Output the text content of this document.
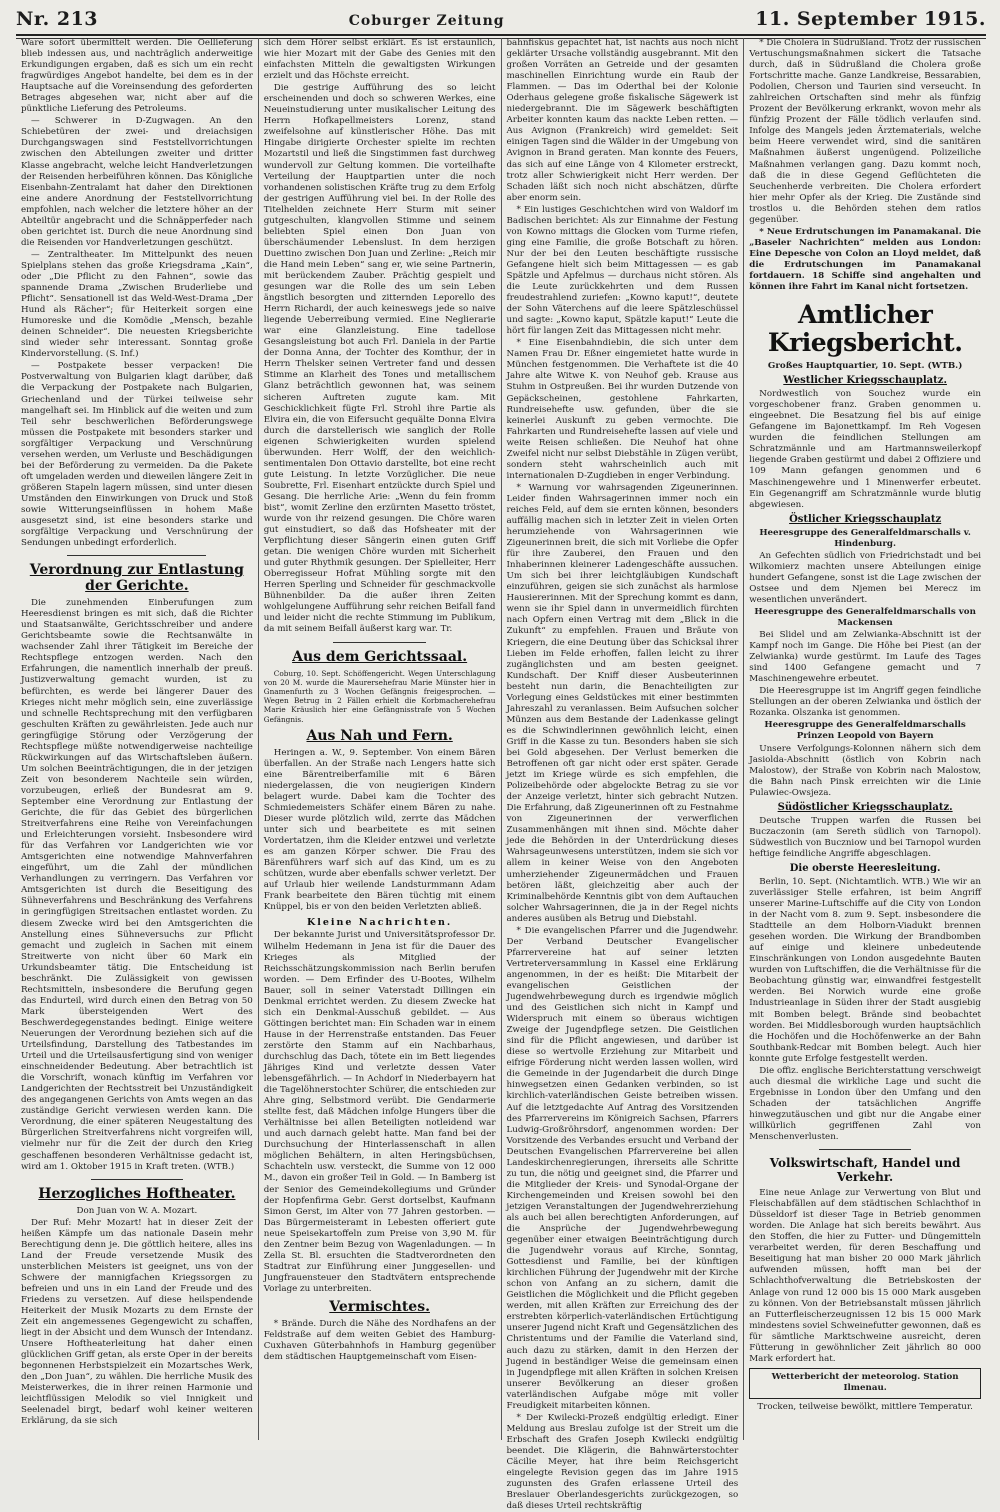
Nr. 213	Coburger Zeitung	11. September 1915.

Ware sofort übermittelt werden. Die Oellieferung blieb indessen aus, und nachträglich anderweitige Erkundigungen ergaben, daß es sich um ein recht fragwürdiges Angebot handelte, bei dem es in der Hauptsache auf die Voreinsendung des geforderten Betrages abgesehen war, nicht aber auf die pünktliche Lieferung des Petroleums.

— Schwerer in D-Zugwagen. An den Schiebetüren der zwei- und dreiachsigen Durchgangswagen sind Feststellvorrichtungen zwischen den Abteilungen zweiter und dritter Klasse angebracht, welche leicht Handverletzungen der Reisenden herbeiführen können. Das Königliche Eisenbahn-Zentralamt hat daher den Direktionen eine andere Anordnung der Feststellvorrichtung empfohlen, nach welcher die letztere höher an der Abteiltür angebracht und die Schnäpperfeder nach oben gerichtet ist. Durch die neue Anordnung sind die Reisenden vor Handverletzungen geschützt.

— Zentraltheater. Im Mittelpunkt des neuen Spielplans stehen das große Kriegsdrama „Kain“, oder „Die Pflicht zu den Fahnen“, sowie das spannende Drama „Zwischen Bruderliebe und Pflicht“. Sensationell ist das Weld-West-Drama „Der Hund als Rächer“; für Heiterkeit sorgen eine Humoreske und die Komödie „Mensch, bezahle deinen Schneider“. Die neuesten Kriegsberichte sind wieder sehr interessant. Sonntag große Kindervorstellung. (S. Inf.)

— Postpakete besser verpacken! Die Postverwaltung von Bulgarien klagt darüber, daß die Verpackung der Postpakete nach Bulgarien, Griechenland und der Türkei teilweise sehr mangelhaft sei. Im Hinblick auf die weiten und zum Teil sehr beschwerlichen Beförderungswege müssen die Postpakete mit besonders starker und sorgfältiger Verpackung und Verschnürung versehen werden, um Verluste und Beschädigungen bei der Beförderung zu vermeiden. Da die Pakete oft umgeladen werden und dieweilen längere Zeit in größeren Stapeln lagern müssen, sind unter diesen Umständen den Einwirkungen von Druck und Stoß sowie Witterungseinflüssen in hohem Maße ausgesetzt sind, ist eine besonders starke und sorgfältige Verpackung und Verschnürung der Sendungen unbedingt erforderlich.

Verordnung zur Entlastung der Gerichte.

Die zunehmenden Einberufungen zum Heeresdienst bringen es mit sich, daß die Richter und Staatsanwälte, Gerichtsschreiber und andere Gerichtsbeamte sowie die Rechtsanwälte in wachsender Zahl ihrer Tätigkeit im Bereiche der Rechtspflege entzogen werden. Nach den Erfahrungen, die namentlich innerhalb der preuß. Justizverwaltung gemacht wurden, ist zu befürchten, es werde bei längerer Dauer des Krieges nicht mehr möglich sein, eine zuverlässige und schnelle Rechtsprechung mit den verfügbaren geschulten Kräften zu gewährleisten. Jede auch nur geringfügige Störung oder Verzögerung der Rechtspflege müßte notwendigerweise nachteilige Rückwirkungen auf das Wirtschaftsleben äußern. Um solchen Beeinträchtigungen, die in der jetzigen Zeit von besonderem Nachteile sein würden, vorzubeugen, erließ der Bundesrat am 9. September eine Verordnung zur Entlastung der Gerichte, die für das Gebiet des bürgerlichen Streitverfahrens eine Reihe von Vereinfachungen und Erleichterungen vorsieht. Insbesondere wird für das Verfahren vor Landgerichten wie vor Amtsgerichten eine notwendige Mahnverfahren eingeführt, um die Zahl der mündlichen Verhandlungen zu verringern. Das Verfahren vor Amtsgerichten ist durch die Beseitigung des Sühneverfahrens und Beschränkung des Verfahrens in geringfügigen Streitsachen entlastet worden. Zu diesem Zwecke wird bei den Amtsgerichten die Anstellung eines Sühneversuchs zur Pflicht gemacht und zugleich in Sachen mit einem Streitwerte von nicht über 60 Mark ein Urkundsbeamter tätig. Die Entscheidung ist beschränkt. Die Zulässigkeit von gewissen Rechtsmitteln, insbesondere die Berufung gegen das Endurteil, wird durch einen den Betrag von 50 Mark übersteigenden Wert des Beschwerdegegenstandes bedingt. Einige weitere Neuerungen der Verordnung beziehen sich auf die Urteilsfindung, Darstellung des Tatbestandes im Urteil und die Urteilsausfertigung sind von weniger einschneidender Bedeutung. Aber betrachtlich ist die Vorschrift, wonach künftig im Verfahren vor Landgerichten der Rechtsstreit bei Unzuständigkeit des angegangenen Gerichts von Amts wegen an das zuständige Gericht verwiesen werden kann. Die Verordnung, die einer späteren Neugestaltung des Bürgerlichen Streitverfahrens nicht vorgreifen will, vielmehr nur für die Zeit der durch den Krieg geschaffenen besonderen Verhältnisse gedacht ist, wird am 1. Oktober 1915 in Kraft treten. (WTB.)

Herzogliches Hoftheater.

Don Juan von W. A. Mozart.

Der Ruf: Mehr Mozart! hat in dieser Zeit der heißen Kämpfe um das nationale Dasein mehr Berechtigung denn je. Die göttlich heitere, alles ins Land der Freude versetzende Musik des unsterblichen Meisters ist geeignet, uns von der Schwere der mannigfachen Kriegssorgen zu befreien und uns in ein Land der Freude und des Friedens zu versetzen. Auf diese heilspendende Heiterkeit der Musik Mozarts zu dem Ernste der Zeit ein angemessenes Gegengewicht zu schaffen, liegt in der Absicht und dem Wunsch der Intendanz. Unsere Hoftheaterleitung hat daher einen glücklichen Griff getan, als erste Oper in der bereits begonnenen Herbstspielzeit ein Mozartsches Werk, den „Don Juan“, zu wählen. Die herrliche Musik des Meisterwerkes, die in ihrer reinen Harmonie und leichtflüssigen Melodik so viel Innigkeit und Seelenadel birgt, bedarf wohl keiner weiteren Erklärung, da sie sich

sich dem Hörer selbst erklärt. Es ist erstaunlich, wie hier Mozart mit der Gabe des Genies mit den einfachsten Mitteln die gewaltigsten Wirkungen erzielt und das Höchste erreicht.

Die gestrige Aufführung des so leicht erscheinenden und doch so schweren Werkes, eine Neueinstudierung unter musikalischer Leitung des Herrn Hofkapellmeisters Lorenz, stand zweifelsohne auf künstlerischer Höhe. Das mit Hingabe dirigierte Orchester spielte im rechten Mozartstil und ließ die Singstimmen fast durchweg wundervoll zur Geltung kommen. Die vorteilhafte Verteilung der Hauptpartien unter die noch vorhandenen solistischen Kräfte trug zu dem Erfolg der gestrigen Aufführung viel bei. In der Rolle des Titelhelden zeichnete Herr Sturm mit seiner gutgeschulten, klangvollen Stimme und seinem beliebten Spiel einen Don Juan von überschäumender Lebenslust. In dem herzigen Duettino zwischen Don Juan und Zerline: „Reich mir die Hand mein Leben“ sang er, wie seine Partnerin, mit berückendem Zauber. Prächtig gespielt und gesungen war die Rolle des um sein Leben ängstlich besorgten und zitternden Leporello des Herrn Richardi, der auch keineswegs jede so naive liegende Ueberreibung vermied. Eine Neglierarie war eine Glanzleistung. Eine tadellose Gesangsleistung bot auch Frl. Daniela in der Partie der Donna Anna, der Tochter des Komthur, der in Herrn Thelsker seinen Vertreter fand und dessen Stimme an Klarheit des Tones und metallischem Glanz beträchtlich gewonnen hat, was seinem sicheren Auftreten zugute kam. Mit Geschicklichkeit fügte Frl. Strohl ihre Partie als Elvira ein, die von Eifersucht gequälte Donna Elvira durch die darstellerisch wie sanglich der Rolle eigenen Schwierigkeiten wurden spielend überwunden. Herr Wolff, der den weichlich-sentimentalen Don Ottavio darstellte, bot eine recht gute Leistung. In letzte Vorzüglicher. Die neue Soubrette, Frl. Eisenhart entzückte durch Spiel und Gesang. Die herrliche Arie: „Wenn du fein fromm bist“, womit Zerline den erzürnten Masetto tröstet, wurde von ihr reizend gesungen. Die Chöre waren gut einstudiert, so daß das Hofsheater mit der Verpflichtung dieser Sängerin einen guten Griff getan. Die wenigen Chöre wurden mit Sicherheit und guter Rhythmik gesungen. Der Spielleiter, Herr Oberregisseur Hofrat Mühling sorgte mit den Herren Sperling und Schneider für geschmackvolle Bühnenbilder. Da die außer ihren Zeiten wohlgelungene Aufführung sehr reichen Beifall fand und leider nicht die rechte Stimmung im Publikum, da mit seinem Beifall äußerst karg war. Tr.

Aus dem Gerichtssaal.

Coburg, 10. Sept. Schöffengericht. Wegen Unterschlagung von 20 M. wurde die Maurersehefrau Marie Münster hier in Gnamenfurth zu 3 Wochen Gefängnis freigesprochen. — Wegen Betrug in 2 Fällen erhielt die Korbmacherehefrau Marie Kräuslich hier eine Gefängnisstrafe von 5 Wochen Gefängnis.

Aus Nah und Fern.

Heringen a. W., 9. September. Von einem Bären überfallen. An der Straße nach Lengers hatte sich eine Bärentreiberfamilie mit 6 Bären niedergelassen, die von neugierigen Kindern belagert wurde. Dabei kam die Tochter des Schmiedemeisters Schäfer einem Bären zu nahe. Dieser wurde plötzlich wild, zerrte das Mädchen unter sich und bearbeitete es mit seinen Vordertatzen, ihm die Kleider entzwei und verletzte es am ganzen Körper schwer. Die Frau des Bärenführers warf sich auf das Kind, um es zu schützen, wurde aber ebenfalls schwer verletzt. Der auf Urlaub hier weilende Landsturmmann Adam Frank bearbeitete den Bären tüchtig mit einem Knüppel, bis er von den beiden Verletzten abließ.

Kleine Nachrichten.

Der bekannte Jurist und Universitätsprofessor Dr. Wilhelm Hedemann in Jena ist für die Dauer des Krieges als Mitglied der Reichsschätzungskommission nach Berlin berufen worden. — Dem Erfinder des U-Bootes, Wilhelm Bauer, soll in seiner Vaterstadt Dillingen ein Denkmal errichtet werden. Zu diesem Zwecke hat sich ein Denkmal-Ausschuß gebildet. — Aus Göttingen berichtet man: Ein Schaden war in einem Hause in der Herrenstraße entstanden. Das Feuer zerstörte den Stamm auf ein Nachbarhaus, durchschlug das Dach, tötete ein im Bett liegendes Jähriges Kind und verletzte dessen Vater lebensgefährlich. — In Achdorf in Niederbayern hat die Tagelöhnerstochter Schürer, die entschieden zur Ahre ging, Selbstmord verübt. Die Gendarmerie stellte fest, daß Mädchen infolge Hungers über die Verhältnisse bei allen Beteiligten notleidend war und auch darnach gelebt hatte. Man fand bei der Durchsuchung der Hinterlassenschaft in allen möglichen Behältern, in alten Heringsbüchsen, Schachteln usw. versteckt, die Summe von 12 000 M., davon ein großer Teil in Gold. — In Bamberg ist der Senior des Gemeindekollegiums und Gründer der Hopfenfirma Gebr. Gerst dortselbst, Kaufmann Simon Gerst, im Alter von 77 Jahren gestorben. — Das Bürgermeisteramt in Lebesten offeriert gute neue Speisekartoffeln zum Preise von 3,90 M. für den Zentner beim Bezug von Wagenladungen. — In Zella St. Bl. ersuchten die Stadtverordneten den Stadtrat zur Einführung einer Junggesellen- und Jungfrauensteuer den Stadtvätern entsprechende Vorlage zu unterbreiten.

Vermischtes.

* Brände. Durch die Nähe des Nordhafens an der Feldstraße auf dem weiten Gebiet des Hamburg-Cuxhaven Güterbahnhofs in Hamburg gegenüber dem städtischen Hauptgemeinschaft vom Eisen-

bahnfiskus gepachtet hat, ist nachts aus noch nicht geklärter Ursache vollständig ausgebrannt. Mit den großen Vorräten an Getreide und der gesamten maschinellen Einrichtung wurde ein Raub der Flammen. — Das im Oderthal bei der Kolonie Oderhaus gelegene große fiskalische Sägewerk ist niedergebrannt. Die im Sägewerk beschäftigten Arbeiter konnten kaum das nackte Leben retten. — Aus Avignon (Frankreich) wird gemeldet: Seit einigen Tagen sind die Wälder in der Umgebung von Avignon in Brand geraten. Man konnte des Feuers, das sich auf eine Länge von 4 Kilometer erstreckt, trotz aller Schwierigkeit nicht Herr werden. Der Schaden läßt sich noch nicht abschätzen, dürfte aber enorm sein.

* Ein lustiges Geschichtchen wird von Waldorf im Badischen berichtet: Als zur Einnahme der Festung von Kowno mittags die Glocken vom Turme riefen, ging eine Familie, die große Botschaft zu hören. Nur der bei den Leuten beschäftigte russische Gefangene hielt sich beim Mittagessen — es gab Spätzle und Apfelmus — durchaus nicht stören. Als die Leute zurückkehrten und dem Russen freudestrahlend zuriefen: „Kowno kaput!“, deutete der Sohn Väterchens auf die leere Spätzleschüssel und sagte: „Kowno kaput, Spätzle kaput!“ Leute die hört für langen Zeit das Mittagessen nicht mehr.

* Eine Eisenbahndiebin, die sich unter dem Namen Frau Dr. Eßner eingemietet hatte wurde in München festgenommen. Die Verhaftete ist die 40 Jahre alte Witwe K. von Neuhof geb. Krause aus Stuhm in Ostpreußen. Bei ihr wurden Dutzende von Gepäckscheinen, gestohlene Fahrkarten, Rundreisehefte usw. gefunden, über die sie keinerlei Auskunft zu geben vermochte. Die Fahrkarten und Rundreisehefte lassen auf viele und weite Reisen schließen. Die Neuhof hat ohne Zweifel nicht nur selbst Diebstähle in Zügen verübt, sondern steht wahrscheinlich auch mit internationalen D-Zugdieben in enger Verbindung.

* Warnung vor wahrsagenden Zigeunerinnen. Leider finden Wahrsagerinnen immer noch ein reiches Feld, auf dem sie ernten können, besonders auffällig machen sich in letzter Zeit in vielen Orten herumziehende von Wahrsagerinnen wie Zigeunerinnen breit, die sich mit Vorliebe die Opfer für ihre Zauberei, den Frauen und den Inhaberinnen kleinerer Ladengeschäfte aussuchen. Um sich bei ihrer leichtgläubigen Kundschaft einzuführen, geigen sie sich zunächst als harmlose Hausiererinnen. Mit der Sprechung kommt es dann, wenn sie ihr Spiel dann in unvermeidlich fürchten nach Opfern einen Vertrag mit dem „Blick in die Zukunft“ zu empfehlen. Frauen und Bräute von Kriegern, die eine Deutung über das Schicksal ihrer Lieben im Felde erhoffen, fallen leicht zu ihrer zugänglichsten und am besten geeignet. Kundschaft. Der Kniff dieser Ausbeuterinnen besteht nun darin, die Benachteiligten zur Vorlegung eines Geldstückes mit einer bestimmten Jahreszahl zu veranlassen. Beim Aufsuchen solcher Münzen aus dem Bestande der Ladenkasse gelingt es die Schwindlerinnen gewöhnlich leicht, einen Griff in die Kasse zu tun. Besonders haben sie sich bei Gold abgesehen. Der Verlust bemerken die Betroffenen oft gar nicht oder erst später. Gerade jetzt im Kriege würde es sich empfehlen, die Polizeibehörde oder abgelockte Betrag zu sie vor der Anzeige verletzt, hinter sich gebracht Nutzen. Die Erfahrung, daß Zigeunerinnen oft zu Festnahme von Zigeunerinnen der verwerflichen Zusammenhängen mit ihnen sind. Möchte daher jede die Behörden in der Unterdrückung dieses Wahrsageunwesens unterstützen, indem sie sich vor allem in keiner Weise von den Angeboten umherziehender Zigeunermädchen und Frauen betören läßt, gleichzeitig aber auch der Kriminalbehörde Kenntnis gibt von dem Auftauchen solcher Wahrsagerinnen, die ja in der Regel nichts anderes ausüben als Betrug und Diebstahl.

* Die evangelischen Pfarrer und die Jugendwehr. Der Verband Deutscher Evangelischer Pfarrervereine hat auf seiner letzten Vertreterversammlung in Kassel eine Erklärung angenommen, in der es heißt: Die Mitarbeit der evangelischen Geistlichen der Jugendwehrbewegung durch es irgendwie möglich und des Geistlichen sich nicht in Kampf und Widerspruch mit einem so überaus wichtigen Zweige der Jugendpflege setzen. Die Geistlichen sind für die Pflicht angewiesen, und darüber ist diese so wertvolle Erziehung zur Mitarbeit und eifrige Förderung nicht werden lassen wollen, wird die Gemeinde in der Jugendarbeit die durch Dinge hinwegsetzen einen Gedanken verbinden, so ist kirchlich-vaterländischen Geiste betreiben wissen. Auf die letztgedachte Auf Antrag des Vorsitzenden des Pfarrervereins im Königreich Sachsen, Pfarrers Ludwig-Großröhrsdorf, angenommen worden: Der Vorsitzende des Verbandes ersucht und Verband der Deutschen Evangelischen Pfarrervereine bei allen Landeskirchenregierungen, ihrerseits alle Schritte zu tun, die nötig und geeignet sind, die Pfarrer und die Mitglieder der Kreis- und Synodal-Organe der Kirchengemeinden und Kreisen sowohl bei den jetzigen Veranstaltungen der Jugendwehrerziehung als auch bei allen berechtigten Anforderungen, auf die Ansprüche der Jugendwehrbewegung gegenüber einer etwaigen Beeinträchtigung durch die Jugendwehr voraus auf Kirche, Sonntag, Gottesdienst und Familie, bei der künftigen kirchlichen Führung der Jugendwehr mit der Kirche schon von Anfang an zu sichern, damit die Geistlichen die Möglichkeit und die Pflicht gegeben werden, mit allen Kräften zur Erreichung des der erstrebten körperlich-vaterländischen Ertüchtigung unserer Jugend nicht Kraft und Gegensätzlichen des Christentums und der Familie die Vaterland sind, auch dazu zu stärken, damit in den Herzen der Jugend in beständiger Weise die gemeinsam einen in Jugendpflege mit allen Kräften in solchen Kreisen unserer Bevölkerung an dieser großen vaterländischen Aufgabe möge mit voller Freudigkeit mitarbeiten können.

* Der Kwilecki-Prozeß endgültig erledigt. Einer Meldung aus Breslau zufolge ist der Streit um die Erbschaft des Grafen Joseph Kwilecki endgültig beendet. Die Klägerin, die Bahnwärterstochter Cäcilie Meyer, hat ihre beim Reichsgericht eingelegte Revision gegen das im Jahre 1915 zugunsten des Grafen erlassene Urteil des Breslauer Oberlandesgerichts zurückgezogen, so daß dieses Urteil rechtskräftig

* Die Cholera in Südrußland. Trotz der russischen Vertuschungsmaßnahmen sickert die Tatsache durch, daß in Südrußland die Cholera große Fortschritte mache. Ganze Landkreise, Bessarabien, Podolien, Cherson und Taurien sind verseucht. In zahlreichen Ortschaften sind mehr als fünfzig Prozent der Bevölkerung erkrankt, wovon mehr als fünfzig Prozent der Fälle tödlich verlaufen sind. Infolge des Mangels jeden Ärztematerials, welche beim Heere verwendet wird, sind die sanitären Maßnahmen äußerst ungenügend. Polizeiliche Maßnahmen verlangen gang. Dazu kommt noch, daß die in diese Gegend Geflüchteten die Seuchenherde verbreiten. Die Cholera erfordert hier mehr Opfer als der Krieg. Die Zustände sind trostlos u. die Behörden stehen dem ratlos gegenüber.

* Neue Erdrutschungen im Panamakanal. Die „Baseler Nachrichten“ melden aus London: Eine Depesche von Colon an Lloyd meldet, daß die Erdrutschungen im Panamakanal fortdauern. 18 Schiffe sind angehalten und können ihre Fahrt im Kanal nicht fortsetzen.

Amtlicher Kriegsbericht.

Großes Hauptquartier, 10. Sept. (WTB.)

Westlicher Kriegsschauplatz.

Nordwestlich von Souchez wurde ein vorgeschobener franz. Graben genommen u. eingeebnet. Die Besatzung fiel bis auf einige Gefangene im Bajonettkampf. Im Reh Vogesen wurden die feindlichen Stellungen am Schratzmännle und am Hartmannsweilerkopf liegende Graben gestürmt und dabei 2 Offiziere und 109 Mann gefangen genommen und 6 Maschinengewehre und 1 Minenwerfer erbeutet. Ein Gegenangriff am Schratzmännle wurde blutig abgewiesen.

Östlicher Kriegsschauplatz

Heeresgruppe des Generalfeldmarschalls v. Hindenburg.

An Gefechten südlich von Friedrichstadt und bei Wilkomierz machten unsere Abteilungen einige hundert Gefangene, sonst ist die Lage zwischen der Ostsee und dem Njemen bei Merecz im wesentlichen unverändert.

Heeresgruppe des Generalfeldmarschalls von Mackensen

Bei Slidel und am Zelwianka-Abschnitt ist der Kampf noch im Gange. Die Höhe bei Piest (an der Zelwianka) wurde gestürmt. Im Laufe des Tages sind 1400 Gefangene gemacht und 7 Maschinengewehre erbeutet.

Die Heeresgruppe ist im Angriff gegen feindliche Stellungen an der oberen Zelwianka und östlich der Rozanka. Olszanka ist genommen.

Heeresgruppe des Generalfeldmarschalls Prinzen Leopold von Bayern

Unsere Verfolgungs-Kolonnen nähern sich dem Jasiolda-Abschnitt (östlich von Kobrin nach Malostow), der Straße von Kobrin nach Malostow, die Bahn nach Pinsk erreichten wir die Linie Pulawiec-Owsjeza.

Südöstlicher Kriegsschauplatz.

Deutsche Truppen warfen die Russen bei Buczaczonin (am Sereth südlich von Tarnopol). Südwestlich von Buczniow und bei Tarnopol wurden heftige feindliche Angriffe abgeschlagen.

Die oberste Heeresleitung.

Berlin, 10. Sept. (Nichtamtlich. WTB.) Wie wir an zuverlässiger Stelle erfahren, ist beim Angriff unserer Marine-Luftschiffe auf die City von London in der Nacht vom 8. zum 9. Sept. insbesondere die Stadtteile an dem Holborn-Viadukt brennen gesehen worden. Die Wirkung der Brandbomben auf einige und kleinere unbedeutende Einschränkungen von London ausgedehnte Bauten wurden von Luftschiffen, die die Verhältnisse für die Beobachtung günstig war, einwandfrei festgestellt werden. Bei Norwich wurde eine große Industrieanlage in Süden ihrer der Stadt ausgiebig mit Bomben belegt. Brände sind beobachtet worden. Bei Middlesborough wurden hauptsächlich die Hochöfen und die Hochöfenwerke an der Bahn Southbank-Redcar mit Bomben belegt. Auch hier konnte gute Erfolge festgestellt werden.

Die offiz. englische Berichterstattung verschweigt auch diesmal die wirkliche Lage und sucht die Ergebnisse in London über den Umfang und den Schaden der tatsächlichen Angriffe hinwegzutäuschen und gibt nur die Angabe einer willkürlich gegriffenen Zahl von Menschenverlusten.

Volkswirtschaft, Handel und Verkehr.

Eine neue Anlage zur Verwertung von Blut und Fleischabfällen auf dem städtischen Schlachthof in Düsseldorf ist dieser Tage in Betrieb genommen worden. Die Anlage hat sich bereits bewährt. Aus den Stoffen, die hier zu Futter- und Düngemitteln verarbeitet werden, für deren Beschaffung und Beseitigung hat man bisher 20 000 Mark jährlich aufwenden müssen, hofft man bei der Schlachthofverwaltung die Betriebskosten der Anlage von rund 12 000 bis 15 000 Mark ausgeben zu können. Von der Betriebsanstalt müssen jährlich an Futterfleischerzeugnissen 12 bis 15 000 Mark mindestens soviel Schweinefutter gewonnen, daß es für sämtliche Marktschweine ausreicht, deren Fütterung in gewöhnlicher Zeit jährlich 80 000 Mark erfordert hat.

Wetterbericht der meteorolog. Station Ilmenau.

Trocken, teilweise bewölkt, mittlere Temperatur.
